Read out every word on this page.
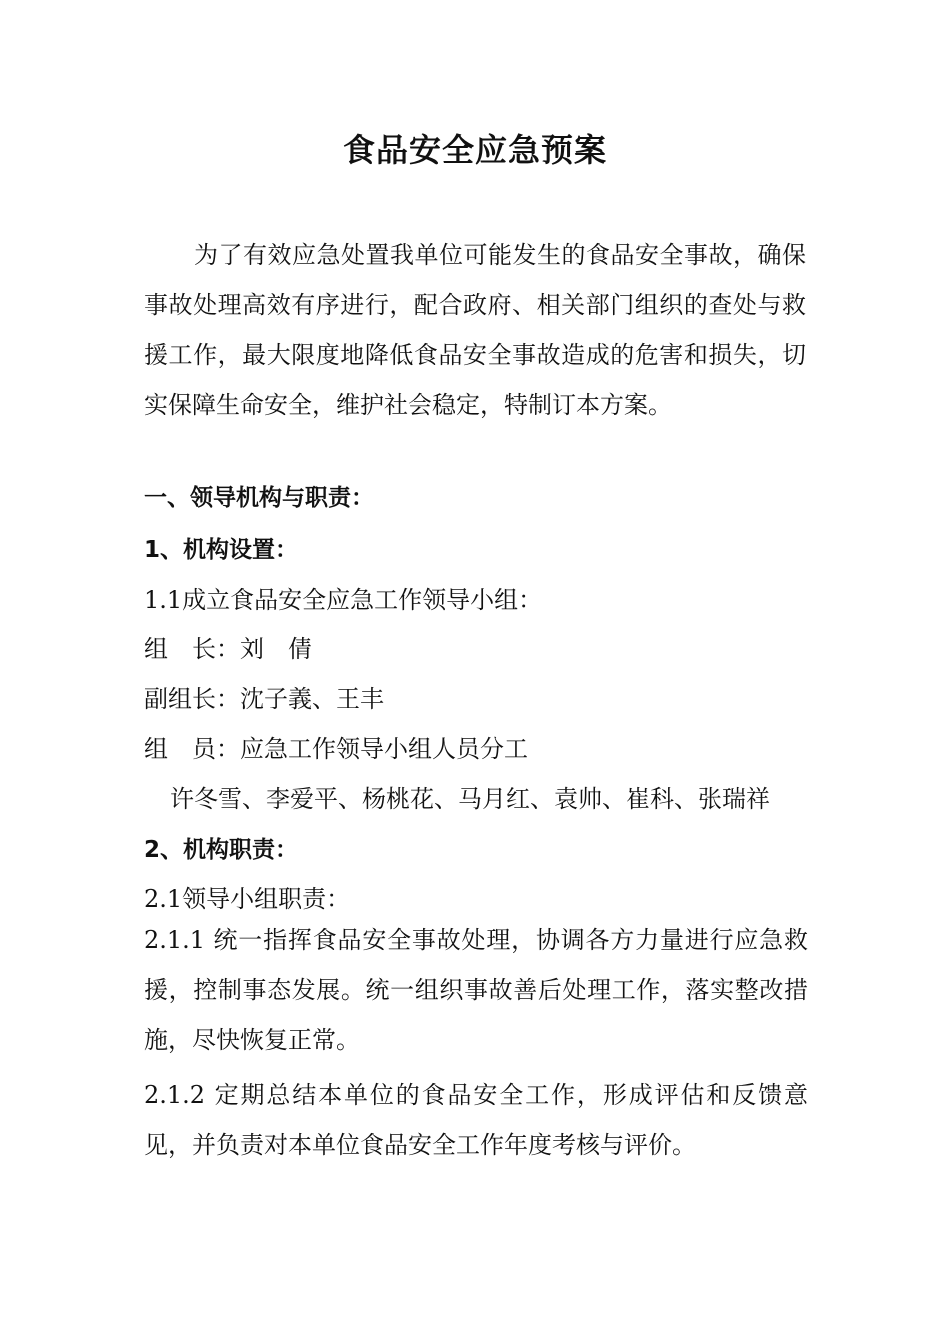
食品安全应急预案

为了有效应急处置我单位可能发生的食品安全事故，确保事故处理高效有序进行，配合政府、相关部门组织的查处与救援工作，最大限度地降低食品安全事故造成的危害和损失，切实保障生命安全，维护社会稳定，特制订本方案。

一、领导机构与职责：

1、机构设置：

1.1成立食品安全应急工作领导小组：

组　长：刘　倩

副组长：沈子義、王丰

组　员：应急工作领导小组人员分工

许冬雪、李爱平、杨桃花、马月红、袁帅、崔科、张瑞祥

2、机构职责：

2.1领导小组职责：

2.1.1 统一指挥食品安全事故处理，协调各方力量进行应急救援，控制事态发展。统一组织事故善后处理工作，落实整改措施，尽快恢复正常。

2.1.2 定期总结本单位的食品安全工作，形成评估和反馈意见，并负责对本单位食品安全工作年度考核与评价。
